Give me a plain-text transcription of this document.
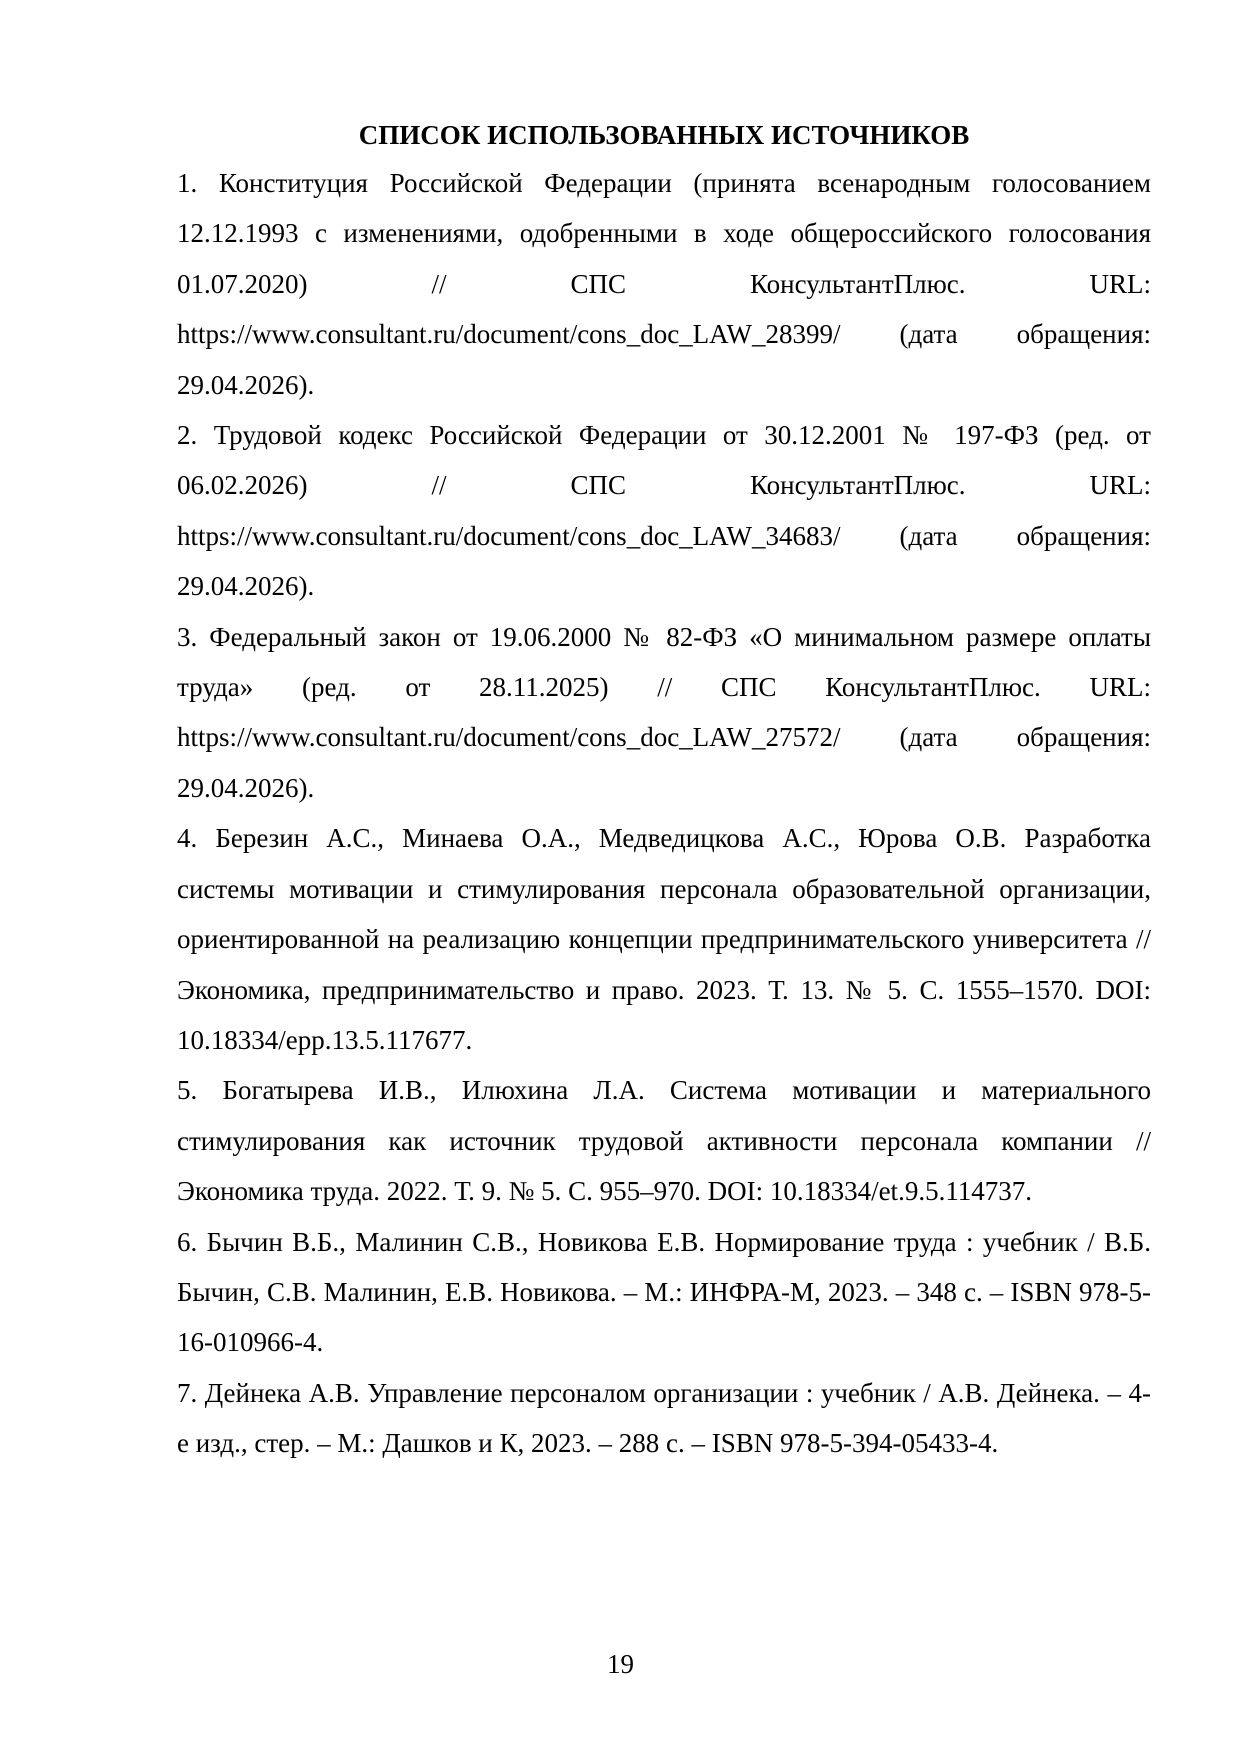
СПИСОК ИСПОЛЬЗОВАННЫХ ИСТОЧНИКОВ
1. Конституция Российской Федерации (принята всенародным голосованием 12.12.1993 с изменениями, одобренными в ходе общероссийского голосования 01.07.2020) // СПС КонсультантПлюс. URL: https://www.consultant.ru/document/cons_doc_LAW_28399/ (дата обращения: 29.04.2026).
2. Трудовой кодекс Российской Федерации от 30.12.2001 № 197-ФЗ (ред. от 06.02.2026) // СПС КонсультантПлюс. URL: https://www.consultant.ru/document/cons_doc_LAW_34683/ (дата обращения: 29.04.2026).
3. Федеральный закон от 19.06.2000 № 82-ФЗ «О минимальном размере оплаты труда» (ред. от 28.11.2025) // СПС КонсультантПлюс. URL: https://www.consultant.ru/document/cons_doc_LAW_27572/ (дата обращения: 29.04.2026).
4. Березин А.С., Минаева О.А., Медведицкова А.С., Юрова О.В. Разработка системы мотивации и стимулирования персонала образовательной организации, ориентированной на реализацию концепции предпринимательского университета // Экономика, предпринимательство и право. 2023. Т. 13. № 5. С. 1555–1570. DOI: 10.18334/epp.13.5.117677.
5. Богатырева И.В., Илюхина Л.А. Система мотивации и материального стимулирования как источник трудовой активности персонала компании // Экономика труда. 2022. Т. 9. № 5. С. 955–970. DOI: 10.18334/et.9.5.114737.
6. Бычин В.Б., Малинин С.В., Новикова Е.В. Нормирование труда : учебник / В.Б. Бычин, С.В. Малинин, Е.В. Новикова. – М.: ИНФРА-М, 2023. – 348 с. – ISBN 978-5-16-010966-4.
7. Дейнека А.В. Управление персоналом организации : учебник / А.В. Дейнека. – 4-е изд., стер. – М.: Дашков и К, 2023. – 288 с. – ISBN 978-5-394-05433-4.
19
